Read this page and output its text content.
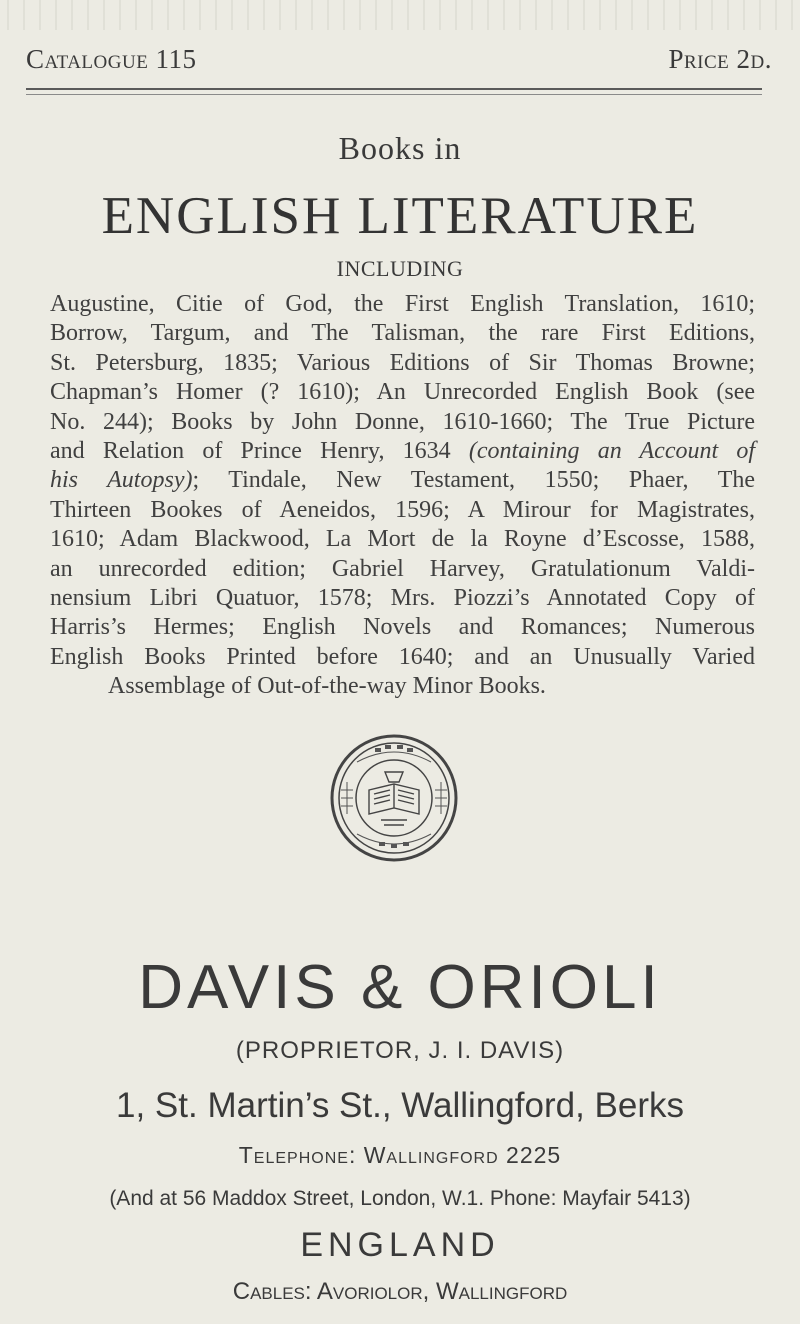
Catalogue 115	Price 2d.
Books in
ENGLISH LITERATURE
INCLUDING
Augustine, Citie of God, the First English Translation, 1610;
Borrow, Targum, and The Talisman, the rare First Editions,
St. Petersburg, 1835; Various Editions of Sir Thomas Browne;
Chapman’s Homer (? 1610); An Unrecorded English Book (see
No. 244); Books by John Donne, 1610-1660; The True Picture
and Relation of Prince Henry, 1634 (containing an Account of
his Autopsy); Tindale, New Testament, 1550; Phaer, The
Thirteen Bookes of Aeneidos, 1596; A Mirour for Magistrates,
1610; Adam Blackwood, La Mort de la Royne d’Escosse, 1588,
an unrecorded edition; Gabriel Harvey, Gratulationum Valdi-
nensium Libri Quatuor, 1578; Mrs. Piozzi’s Annotated Copy of
Harris’s Hermes; English Novels and Romances; Numerous
English Books Printed before 1640; and an Unusually Varied
Assemblage of Out-of-the-way Minor Books.
DAVIS & ORIOLI
(PROPRIETOR, J. I. DAVIS)
1, St. Martin’s St., Wallingford, Berks
Telephone: Wallingford 2225
(And at 56 Maddox Street, London, W.1. Phone: Mayfair 5413)
ENGLAND
Cables: Avoriolor, Wallingford
